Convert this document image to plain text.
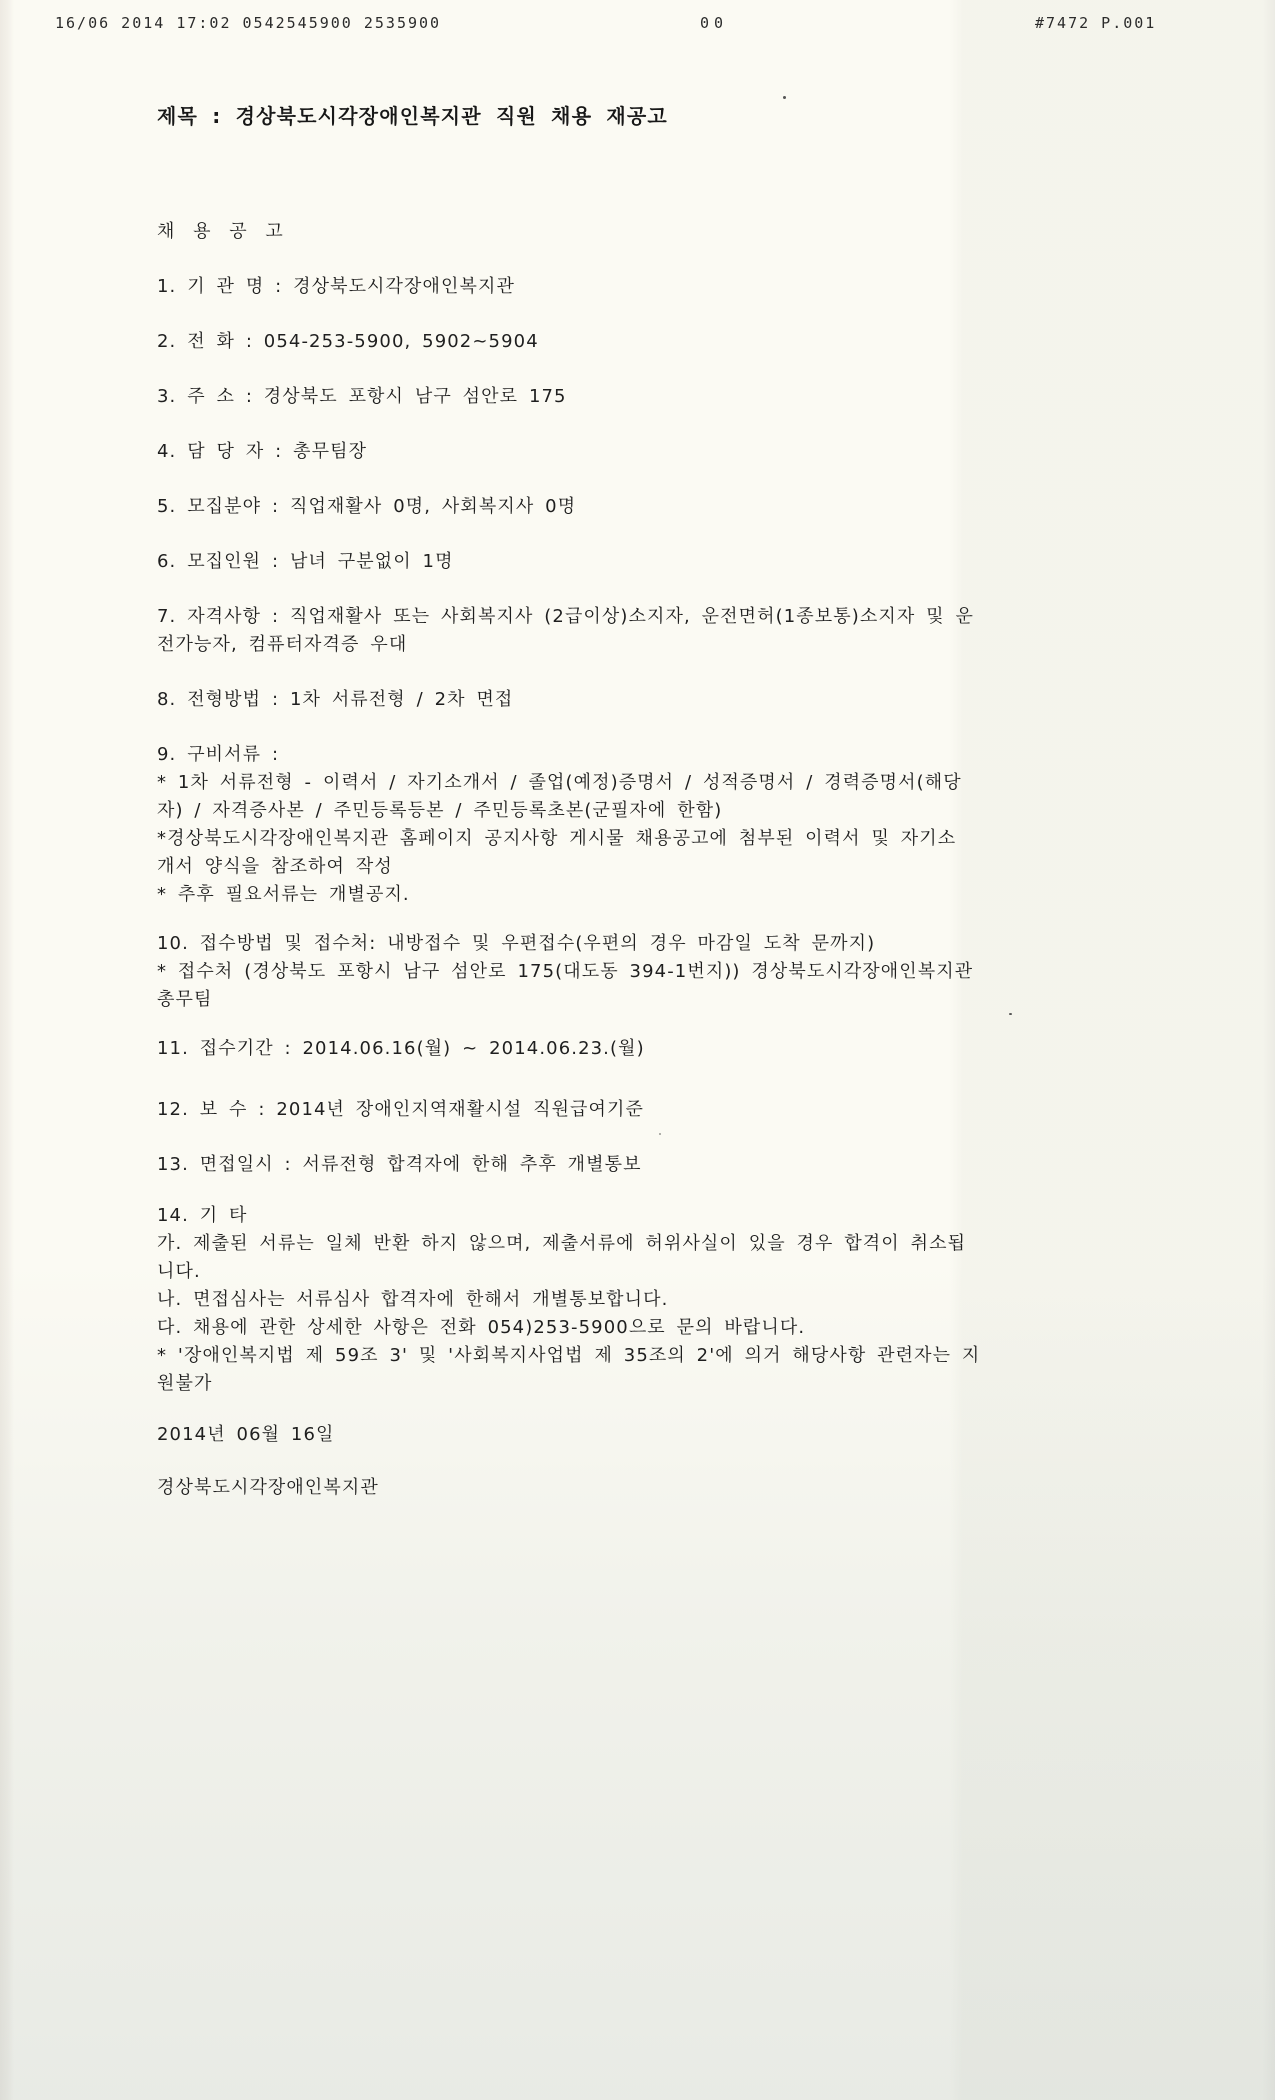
16/06 2014 17:02 0542545900 2535900	00	#7472 P.001
제목 : 경상북도시각장애인복지관 직원 채용 재공고

채 용 공 고

1. 기 관 명 : 경상북도시각장애인복지관

2. 전 화 : 054-253-5900, 5902~5904

3. 주 소 : 경상북도 포항시 남구 섬안로 175

4. 담 당 자 : 총무팀장

5. 모집분야 : 직업재활사 0명, 사회복지사 0명

6. 모집인원 : 남녀 구분없이 1명

7. 자격사항 : 직업재활사 또는 사회복지사 (2급이상)소지자, 운전면허(1종보통)소지자 및 운

전가능자, 컴퓨터자격증 우대

8. 전형방법 : 1차 서류전형 / 2차 면접

9. 구비서류 :

* 1차 서류전형 - 이력서 / 자기소개서 / 졸업(예정)증명서 / 성적증명서 / 경력증명서(해당

자) / 자격증사본 / 주민등록등본 / 주민등록초본(군필자에 한함)

*경상북도시각장애인복지관 홈페이지 공지사항 게시물 채용공고에 첨부된 이력서 및 자기소

개서 양식을 참조하여 작성

* 추후 필요서류는 개별공지.

10. 접수방법 및 접수처: 내방접수 및 우편접수(우편의 경우 마감일 도착 문까지)

* 접수처 (경상북도 포항시 남구 섬안로 175(대도동 394-1번지)) 경상북도시각장애인복지관

총무팀

11. 접수기간 : 2014.06.16(월) ~ 2014.06.23.(월)

12. 보 수 : 2014년 장애인지역재활시설 직원급여기준

13. 면접일시 : 서류전형 합격자에 한해 추후 개별통보

14. 기 타

가. 제출된 서류는 일체 반환 하지 않으며, 제출서류에 허위사실이 있을 경우 합격이 취소됩

니다.

나. 면접심사는 서류심사 합격자에 한해서 개별통보합니다.

다. 채용에 관한 상세한 사항은 전화 054)253-5900으로 문의 바랍니다.

* '장애인복지법 제 59조 3' 및 '사회복지사업법 제 35조의 2'에 의거 해당사항 관련자는 지

원불가

2014년 06월 16일

경상북도시각장애인복지관
